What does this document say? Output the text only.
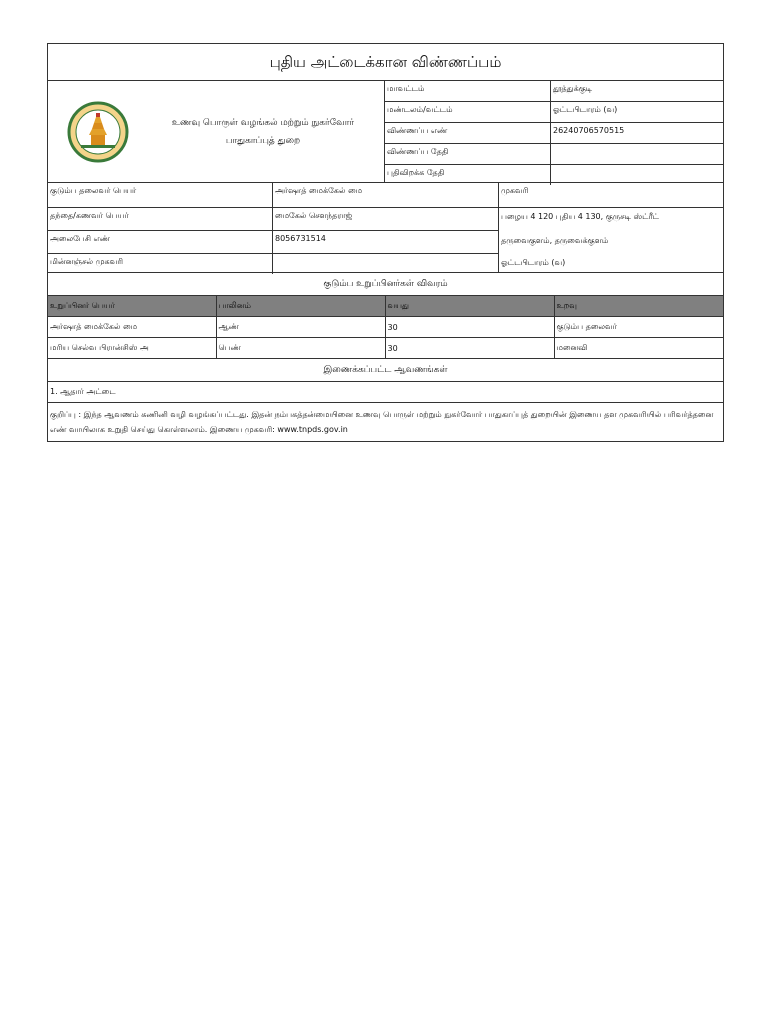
புதிய அட்டைக்கான விண்ணப்பம்
உணவு பொருள் வழங்கல் மற்றும் நுகர்வோர்
பாதுகாப்புத் துறை
மாவட்டம்	தூத்துக்குடி
மண்டலம்/வட்டம்	ஓட்டபிடாரம் (வ)
விண்ணப்ப எண்	26240706570515
விண்ணப்ப தேதி
புதிவிறக்க தேதி
குடும்ப தலைவர் பெயர்	அர்ஷாத் மைக்கேல் மை
தந்தை/கணவர் பெயர்	மைகேல் சௌந்தராஜ்
அலைபேசி எண்	8056731514
மின்னஞ்சல் முகவரி
முகவரி
பழைய 4 120 புதிய 4 130, குருசடி ஸ்ட்ரீட்
தருவைகுளம், தருவைக்குளம்
ஓட்டபிடாரம் (வ)
குடும்ப உறுப்பினர்கள் விவரம்
உறுப்பினர் பெயர்	பாலினம்	வயது	உறவு
அர்ஷாத் மைக்கேல் மை	ஆண்	30	குடும்ப தலைவர்
மரிய செல்வ பிரான்சிஸ் அ	பெண்	30	மனைவி
இணைக்கப்பட்ட ஆவணங்கள்
1. ஆதார் அட்டை
குறிப்பு : இந்த ஆவணம் கணினி வழி வழங்கப்பட்டது. இதன் நம்பகத்தன்மையினை உணவு பொருள் மற்றும் நுகர்வோர் பாதுகாப்புத் துறையின் இணைய தள முகவரியில் பரிவர்த்தனை எண் வாயிலாக உறுதி செய்து கொள்ளலாம். இணைய முகவரி: www.tnpds.gov.in
